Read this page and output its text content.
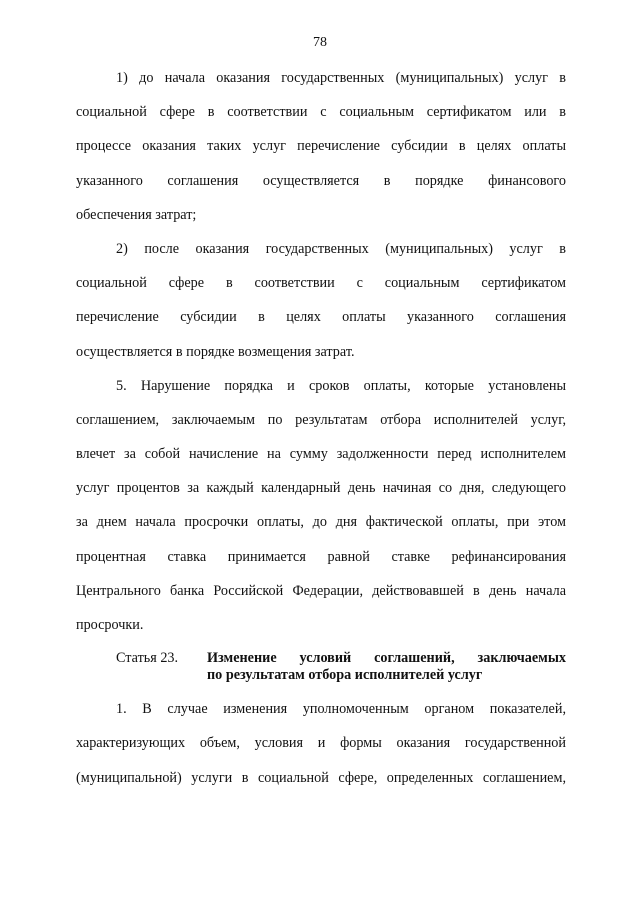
78
1) до начала оказания государственных (муниципальных) услуг в
социальной сфере в соответствии с социальным сертификатом или в
процессе оказания таких услуг перечисление субсидии в целях оплаты
указанного соглашения осуществляется в порядке финансового
обеспечения затрат;
2) после оказания государственных (муниципальных) услуг в
социальной сфере в соответствии с социальным сертификатом
перечисление субсидии в целях оплаты указанного соглашения
осуществляется в порядке возмещения затрат.
5. Нарушение порядка и сроков оплаты, которые установлены
соглашением, заключаемым по результатам отбора исполнителей услуг,
влечет за собой начисление на сумму задолженности перед исполнителем
услуг процентов за каждый календарный день начиная со дня, следующего
за днем начала просрочки оплаты, до дня фактической оплаты, при этом
процентная ставка принимается равной ставке рефинансирования
Центрального банка Российской Федерации, действовавшей в день начала
просрочки.
Статья 23. Изменение условий соглашений, заключаемых
по результатам отбора исполнителей услуг
1. В случае изменения уполномоченным органом показателей,
характеризующих объем, условия и формы оказания государственной
(муниципальной) услуги в социальной сфере, определенных соглашением,
